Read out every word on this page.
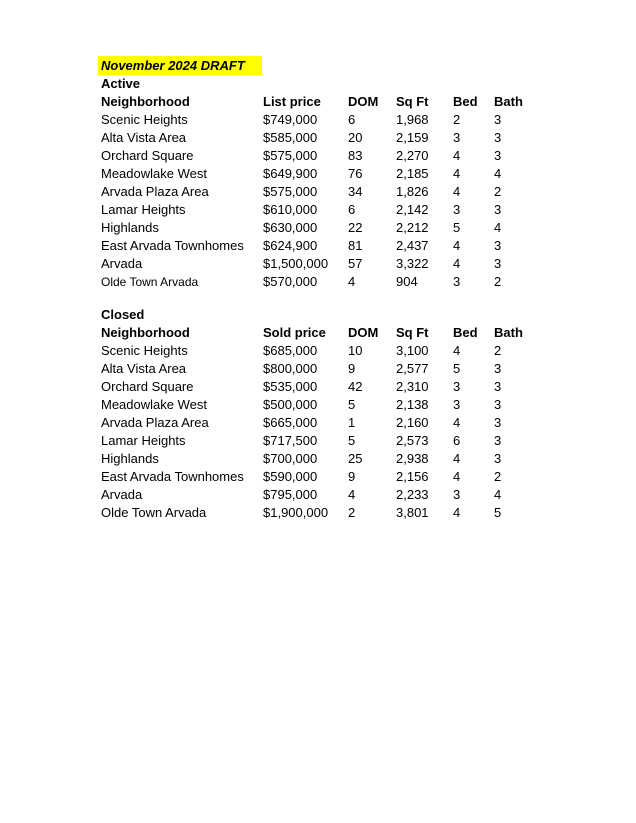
November 2024 DRAFT
Active
Neighborhood	List price	DOM	Sq Ft	Bed	Bath
Scenic Heights	$749,000	6	1,968	2	3
Alta Vista Area	$585,000	20	2,159	3	3
Orchard Square	$575,000	83	2,270	4	3
Meadowlake West	$649,900	76	2,185	4	4
Arvada Plaza Area	$575,000	34	1,826	4	2
Lamar Heights	$610,000	6	2,142	3	3
Highlands	$630,000	22	2,212	5	4
East Arvada Townhomes	$624,900	81	2,437	4	3
Arvada	$1,500,000	57	3,322	4	3
Olde Town Arvada	$570,000	4	904	3	2
Closed
Neighborhood	Sold price	DOM	Sq Ft	Bed	Bath
Scenic Heights	$685,000	10	3,100	4	2
Alta Vista Area	$800,000	9	2,577	5	3
Orchard Square	$535,000	42	2,310	3	3
Meadowlake West	$500,000	5	2,138	3	3
Arvada Plaza Area	$665,000	1	2,160	4	3
Lamar Heights	$717,500	5	2,573	6	3
Highlands	$700,000	25	2,938	4	3
East Arvada Townhomes	$590,000	9	2,156	4	2
Arvada	$795,000	4	2,233	3	4
Olde Town Arvada	$1,900,000	2	3,801	4	5
